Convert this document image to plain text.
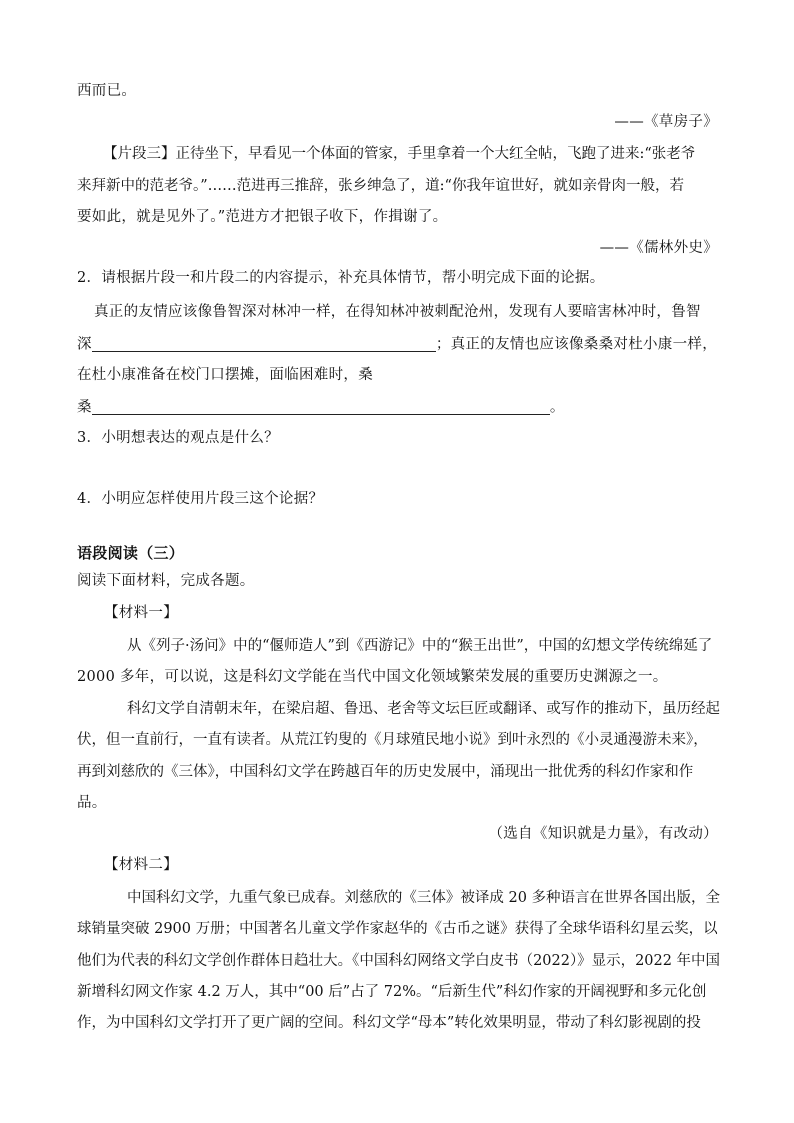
西而已。
——《草房子》
【片段三】正待坐下，早看见一个体面的管家，手里拿着一个大红全帖，飞跑了进来:“张老爷
来拜新中的范老爷。”……范进再三推辞，张乡绅急了，道:“你我年谊世好，就如亲骨肉一般，若
要如此，就是见外了。”范进方才把银子收下，作揖谢了。
——《儒林外史》
2．请根据片段一和片段二的内容提示，补充具体情节，帮小明完成下面的论据。
真正的友情应该像鲁智深对林冲一样，在得知林冲被刺配沧州，发现有人要暗害林冲时，鲁智
深	；真正的友情也应该像桑桑对杜小康一样，
在杜小康准备在校门口摆摊，面临困难时，桑
桑	。
3．小明想表达的观点是什么？
4．小明应怎样使用片段三这个论据？
语段阅读（三）
阅读下面材料，完成各题。
【材料一】
从《列子·汤问》中的“偃师造人”到《西游记》中的“猴王出世”，中国的幻想文学传统绵延了
2000 多年，可以说，这是科幻文学能在当代中国文化领域繁荣发展的重要历史渊源之一。
科幻文学自清朝末年，在梁启超、鲁迅、老舍等文坛巨匠或翻译、或写作的推动下，虽历经起
伏，但一直前行，一直有读者。从荒江钓叟的《月球殖民地小说》到叶永烈的《小灵通漫游未来》，
再到刘慈欣的《三体》，中国科幻文学在跨越百年的历史发展中，涌现出一批优秀的科幻作家和作
品。
（选自《知识就是力量》，有改动）
【材料二】
中国科幻文学，九重气象已成春。刘慈欣的《三体》被译成 20 多种语言在世界各国出版，全
球销量突破 2900 万册；中国著名儿童文学作家赵华的《古币之谜》获得了全球华语科幻星云奖，以
他们为代表的科幻文学创作群体日趋壮大。《中国科幻网络文学白皮书（2022）》显示，2022 年中国
新增科幻网文作家 4.2 万人，其中“00 后”占了 72%。“后新生代”科幻作家的开阔视野和多元化创
作，为中国科幻文学打开了更广阔的空间。科幻文学“母本”转化效果明显，带动了科幻影视剧的投
